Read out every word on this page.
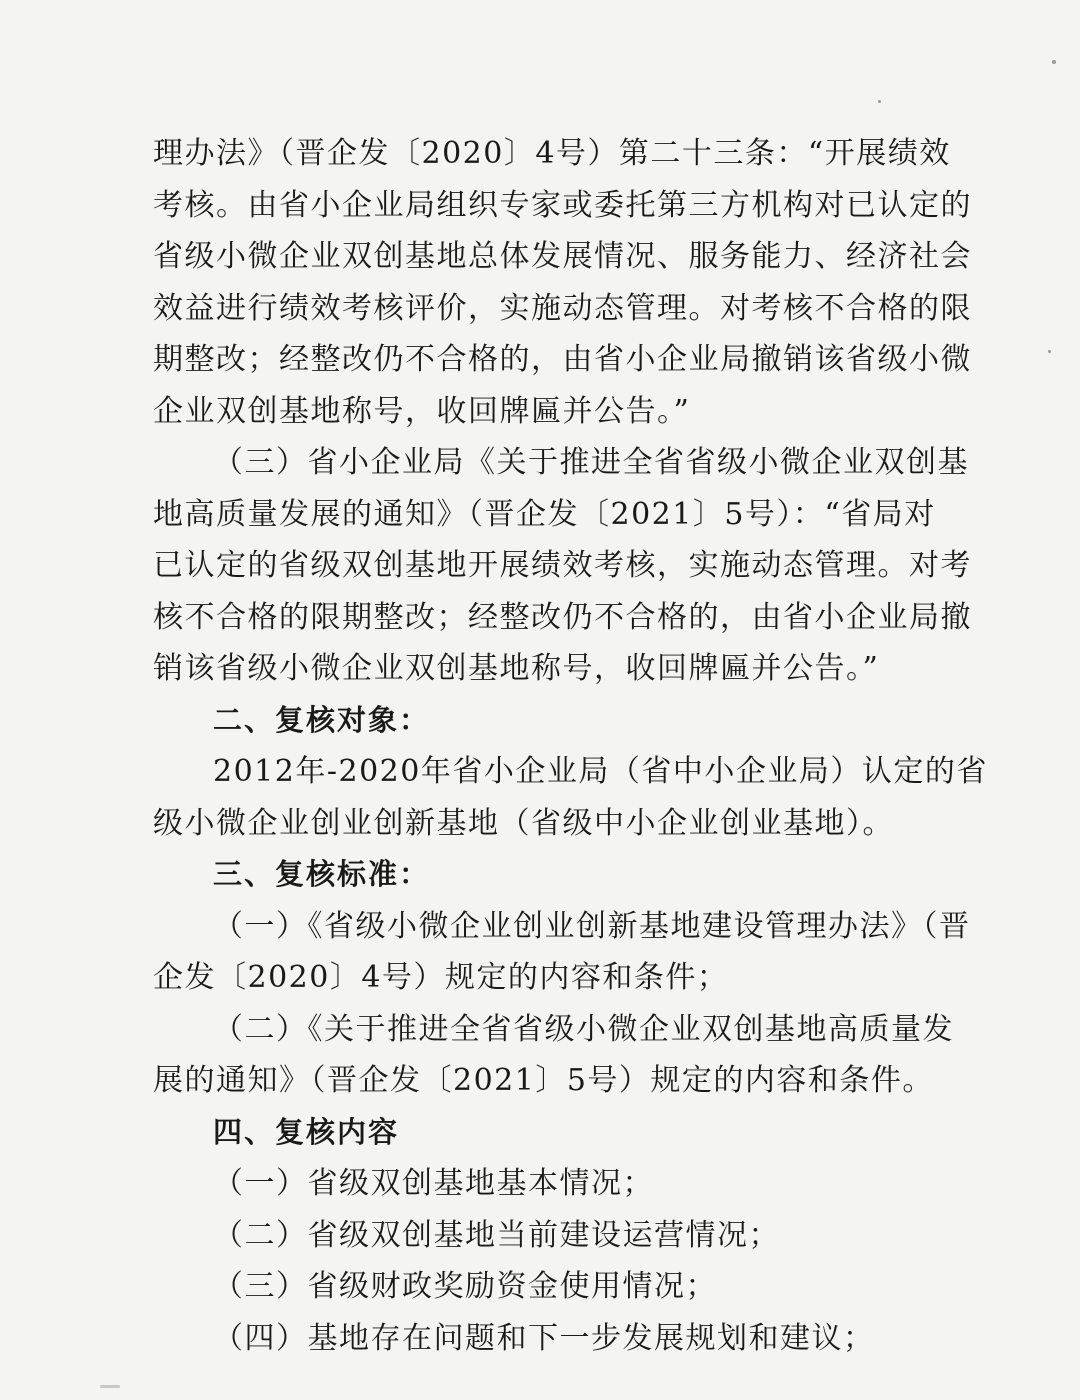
理办法》（晋企发〔2020〕4号）第二十三条：“开展绩效
考核。由省小企业局组织专家或委托第三方机构对已认定的
省级小微企业双创基地总体发展情况、服务能力、经济社会
效益进行绩效考核评价，实施动态管理。对考核不合格的限
期整改；经整改仍不合格的，由省小企业局撤销该省级小微
企业双创基地称号，收回牌匾并公告。”

（三）省小企业局《关于推进全省省级小微企业双创基
地高质量发展的通知》（晋企发〔2021〕5号）：“省局对
已认定的省级双创基地开展绩效考核，实施动态管理。对考
核不合格的限期整改；经整改仍不合格的，由省小企业局撤
销该省级小微企业双创基地称号，收回牌匾并公告。”

二、复核对象：

2012年-2020年省小企业局（省中小企业局）认定的省
级小微企业创业创新基地（省级中小企业创业基地）。

三、复核标准：

（一）《省级小微企业创业创新基地建设管理办法》（晋
企发〔2020〕4号）规定的内容和条件；

（二）《关于推进全省省级小微企业双创基地高质量发
展的通知》（晋企发〔2021〕5号）规定的内容和条件。

四、复核内容

（一）省级双创基地基本情况；
（二）省级双创基地当前建设运营情况；
（三）省级财政奖励资金使用情况；
（四）基地存在问题和下一步发展规划和建议；
